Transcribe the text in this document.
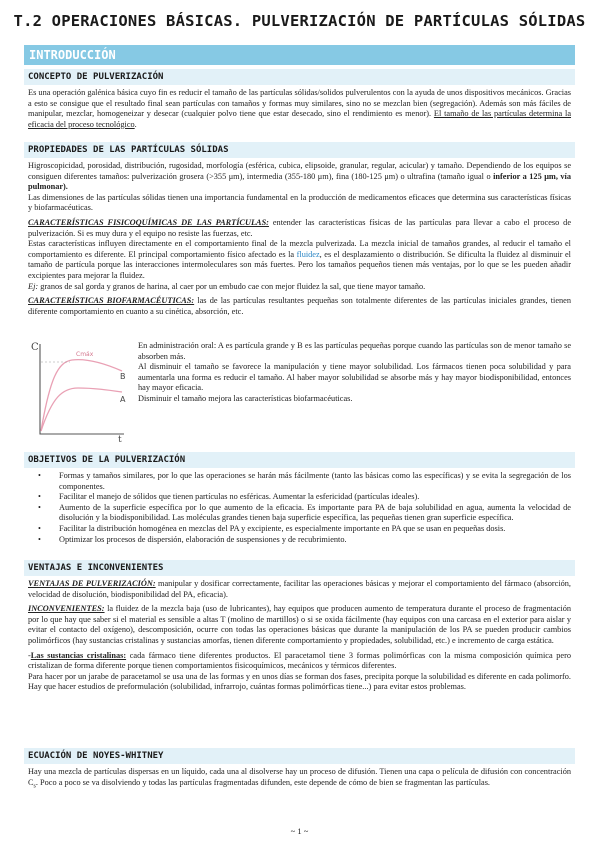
T.2 OPERACIONES BÁSICAS. PULVERIZACIÓN DE PARTÍCULAS SÓLIDAS
INTRODUCCIÓN
CONCEPTO DE PULVERIZACIÓN

Es una operación galénica básica cuyo fin es reducir el tamaño de las partículas sólidas/solidos pulverulentos con la ayuda de unos dispositivos mecánicos. Gracias a esto se consigue que el resultado final sean partículas con tamaños y formas muy similares, sino no se mezclan bien (segregación). Además son más fáciles de manipular, mezclar, homogeneizar y desecar (cualquier polvo tiene que estar desecado, sino el rendimiento es menor). El tamaño de las partículas determina la eficacia del proceso tecnológico.

PROPIEDADES DE LAS PARTÍCULAS SÓLIDAS

Higroscopicidad, porosidad, distribución, rugosidad, morfología (esférica, cubica, elipsoide, granular, regular, acicular) y tamaño. Dependiendo de los equipos se consiguen diferentes tamaños: pulverización grosera (>355 μm), intermedia (355-180 μm), fina (180-125 μm) o ultrafina (tamaño igual o inferior a 125 μm, vía pulmonar).

Las dimensiones de las partículas sólidas tienen una importancia fundamental en la producción de medicamentos eficaces que determina sus características físicas y biofarmacéuticas.

CARACTERÍSTICAS FISICOQUÍMICAS DE LAS PARTÍCULAS: entender las características físicas de las partículas para llevar a cabo el proceso de pulverización. Si es muy dura y el equipo no resiste las fuerzas, etc.

Estas características influyen directamente en el comportamiento final de la mezcla pulverizada. La mezcla inicial de tamaños grandes, al reducir el tamaño el comportamiento es diferente. El principal comportamiento físico afectado es la fluidez, es el desplazamiento o distribución. Se dificulta la fluidez al disminuir el tamaño de partícula porque las interacciones intermoleculares son más fuertes. Pero los tamaños pequeños tienen más ventajas, por lo que se les pueden añadir excipientes para mejorar la fluidez.

Ej: granos de sal gorda y granos de harina, al caer por un embudo cae con mejor fluidez la sal, que tiene mayor tamaño.

CARACTERÍSTICAS BIOFARMACÉUTICAS: las de las partículas resultantes pequeñas son totalmente diferentes de las partículas iniciales grandes, tienen diferente comportamiento en cuanto a su cinética, absorción, etc.

C
Cmáx
B
A
t

En administración oral: A es partícula grande y B es las partículas pequeñas porque cuando las partículas son de menor tamaño se absorben más.

Al disminuir el tamaño se favorece la manipulación y tiene mayor solubilidad. Los fármacos tienen poca solubilidad y para aumentarla una forma es reducir el tamaño. Al haber mayor solubilidad se absorbe más y hay mayor biodisponibilidad, entonces hay mayor eficacia.

Disminuir el tamaño mejora las características biofarmacéuticas.

OBJETIVOS DE LA PULVERIZACIÓN
• Formas y tamaños similares, por lo que las operaciones se harán más fácilmente (tanto las básicas como las específicas) y se evita la segregación de los componentes.
• Facilitar el manejo de sólidos que tienen partículas no esféricas. Aumentar la esfericidad (partículas ideales).
• Aumento de la superficie específica por lo que aumento de la eficacia. Es importante para PA de baja solubilidad en agua, aumenta la velocidad de disolución y la biodisponibilidad. Las moléculas grandes tienen baja superficie específica, las pequeñas tienen gran superficie específica.
• Facilitar la distribución homogénea en mezclas del PA y excipiente, es especialmente importante en PA que se usan en pequeñas dosis.
• Optimizar los procesos de dispersión, elaboración de suspensiones y de recubrimiento.
VENTAJAS E INCONVENIENTES

VENTAJAS DE PULVERIZACIÓN: manipular y dosificar correctamente, facilitar las operaciones básicas y mejorar el comportamiento del fármaco (absorción, velocidad de disolución, biodisponibilidad del PA, eficacia).

INCONVENIENTES: la fluidez de la mezcla baja (uso de lubricantes), hay equipos que producen aumento de temperatura durante el proceso de fragmentación por lo que hay que saber si el material es sensible a altas T (molino de martillos) o si se oxida fácilmente (hay equipos con una carcasa en el exterior para aislar y evitar el contacto del oxígeno), descomposición, ocurre con todas las operaciones básicas que durante la manipulación de los PA se pueden producir cambios polimórficos (hay sustancias cristalinas y sustancias amorfas, tienen diferente comportamiento y propiedades, solubilidad, etc.) e incremento de carga estática.

-Las sustancias cristalinas: cada fármaco tiene diferentes productos. El paracetamol tiene 3 formas polimórficas con la misma composición química pero cristalizan de forma diferente porque tienen comportamientos fisicoquímicos, mecánicos y térmicos diferentes.

Para hacer por un jarabe de paracetamol se usa una de las formas y en unos días se forman dos fases, precipita porque la solubilidad es diferente en cada polimorfo. Hay que hacer estudios de preformulación (solubilidad, infrarrojo, cuántas formas polimórficas tiene...) para evitar estos problemas.

ECUACIÓN DE NOYES-WHITNEY

Hay una mezcla de partículas dispersas en un líquido, cada una al disolverse hay un proceso de difusión. Tienen una capa o película de difusión con concentración $C_s$. Poco a poco se va disolviendo y todas las partículas fragmentadas difunden, este depende de cómo de bien se fragmentan las partículas.

~ 1 ~
